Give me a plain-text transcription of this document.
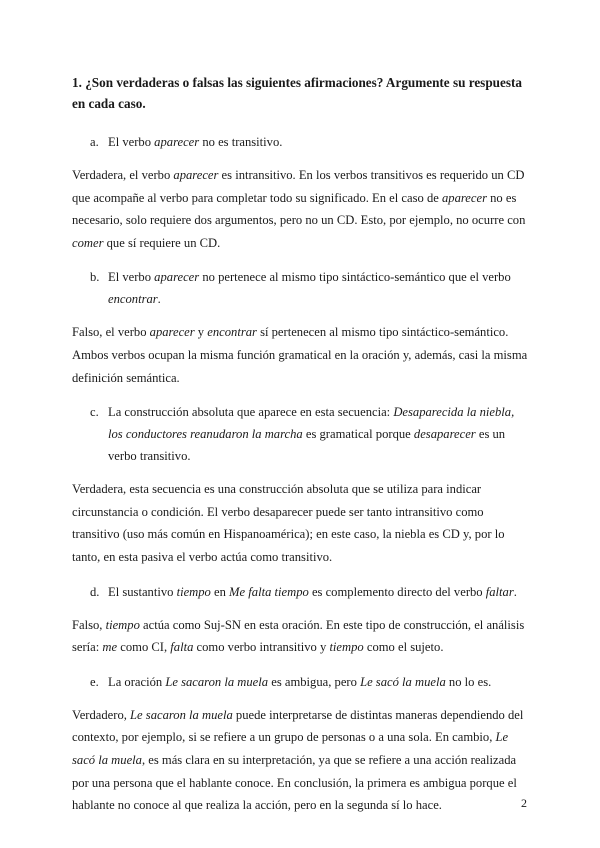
1. ¿Son verdaderas o falsas las siguientes afirmaciones? Argumente su respuesta en cada caso.
a. El verbo aparecer no es transitivo.
Verdadera, el verbo aparecer es intransitivo. En los verbos transitivos es requerido un CD que acompañe al verbo para completar todo su significado. En el caso de aparecer no es necesario, solo requiere dos argumentos, pero no un CD. Esto, por ejemplo, no ocurre con comer que sí requiere un CD.
b. El verbo aparecer no pertenece al mismo tipo sintáctico-semántico que el verbo encontrar.
Falso, el verbo aparecer y encontrar sí pertenecen al mismo tipo sintáctico-semántico. Ambos verbos ocupan la misma función gramatical en la oración y, además, casi la misma definición semántica.
c. La construcción absoluta que aparece en esta secuencia: Desaparecida la niebla, los conductores reanudaron la marcha es gramatical porque desaparecer es un verbo transitivo.
Verdadera, esta secuencia es una construcción absoluta que se utiliza para indicar circunstancia o condición. El verbo desaparecer puede ser tanto intransitivo como transitivo (uso más común en Hispanoamérica); en este caso, la niebla es CD y, por lo tanto, en esta pasiva el verbo actúa como transitivo.
d. El sustantivo tiempo en Me falta tiempo es complemento directo del verbo faltar.
Falso, tiempo actúa como Suj-SN en esta oración. En este tipo de construcción, el análisis sería: me como CI, falta como verbo intransitivo y tiempo como el sujeto.
e. La oración Le sacaron la muela es ambigua, pero Le sacó la muela no lo es.
Verdadero, Le sacaron la muela puede interpretarse de distintas maneras dependiendo del contexto, por ejemplo, si se refiere a un grupo de personas o a una sola. En cambio, Le sacó la muela, es más clara en su interpretación, ya que se refiere a una acción realizada por una persona que el hablante conoce. En conclusión, la primera es ambigua porque el hablante no conoce al que realiza la acción, pero en la segunda sí lo hace.	2
